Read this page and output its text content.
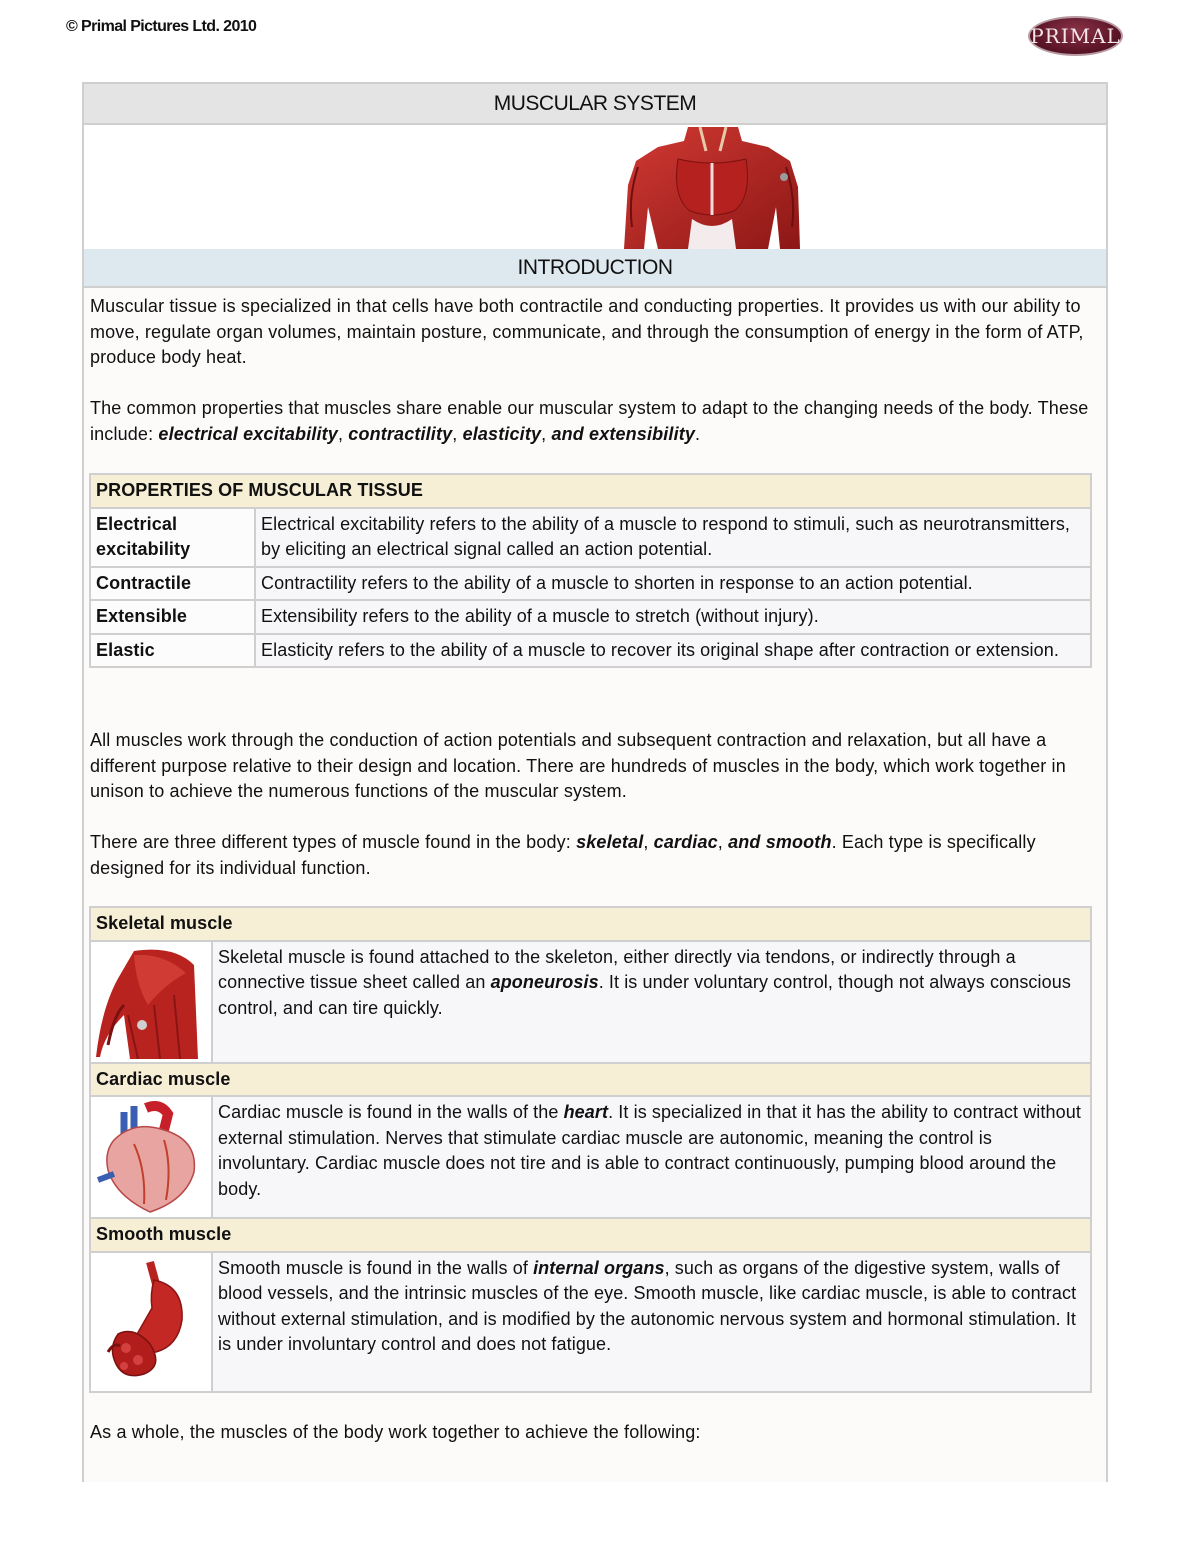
© Primal Pictures Ltd. 2010	PRIMAL
MUSCULAR SYSTEM
INTRODUCTION

Muscular tissue is specialized in that cells have both contractile and conducting properties. It provides us with our ability to move, regulate organ volumes, maintain posture, communicate, and through the consumption of energy in the form of ATP, produce body heat.

The common properties that muscles share enable our muscular system to adapt to the changing needs of the body. These include: electrical excitability, contractility, elasticity, and extensibility.

PROPERTIES OF MUSCULAR TISSUE	
Electrical excitability	Electrical excitability refers to the ability of a muscle to respond to stimuli, such as neurotransmitters, by eliciting an electrical signal called an action potential.
Contractile	Contractility refers to the ability of a muscle to shorten in response to an action potential.
Extensible	Extensibility refers to the ability of a muscle to stretch (without injury).
Elastic	Elasticity refers to the ability of a muscle to recover its original shape after contraction or extension.

All muscles work through the conduction of action potentials and subsequent contraction and relaxation, but all have a different purpose relative to their design and location. There are hundreds of muscles in the body, which work together in unison to achieve the numerous functions of the muscular system.

There are three different types of muscle found in the body: skeletal, cardiac, and smooth. Each type is specifically designed for its individual function.

Skeletal muscle	

	Skeletal muscle is found attached to the skeleton, either directly via tendons, or indirectly through a connective tissue sheet called an aponeurosis. It is under voluntary control, though not always conscious control, and can tire quickly.
Cardiac muscle	

	Cardiac muscle is found in the walls of the heart. It is specialized in that it has the ability to contract without external stimulation. Nerves that stimulate cardiac muscle are autonomic, meaning the control is involuntary. Cardiac muscle does not tire and is able to contract continuously, pumping blood around the body.
Smooth muscle	

	Smooth muscle is found in the walls of internal organs, such as organs of the digestive system, walls of blood vessels, and the intrinsic muscles of the eye. Smooth muscle, like cardiac muscle, is able to contract without external stimulation, and is modified by the autonomic nervous system and hormonal stimulation. It is under involuntary control and does not fatigue.

As a whole, the muscles of the body work together to achieve the following:
